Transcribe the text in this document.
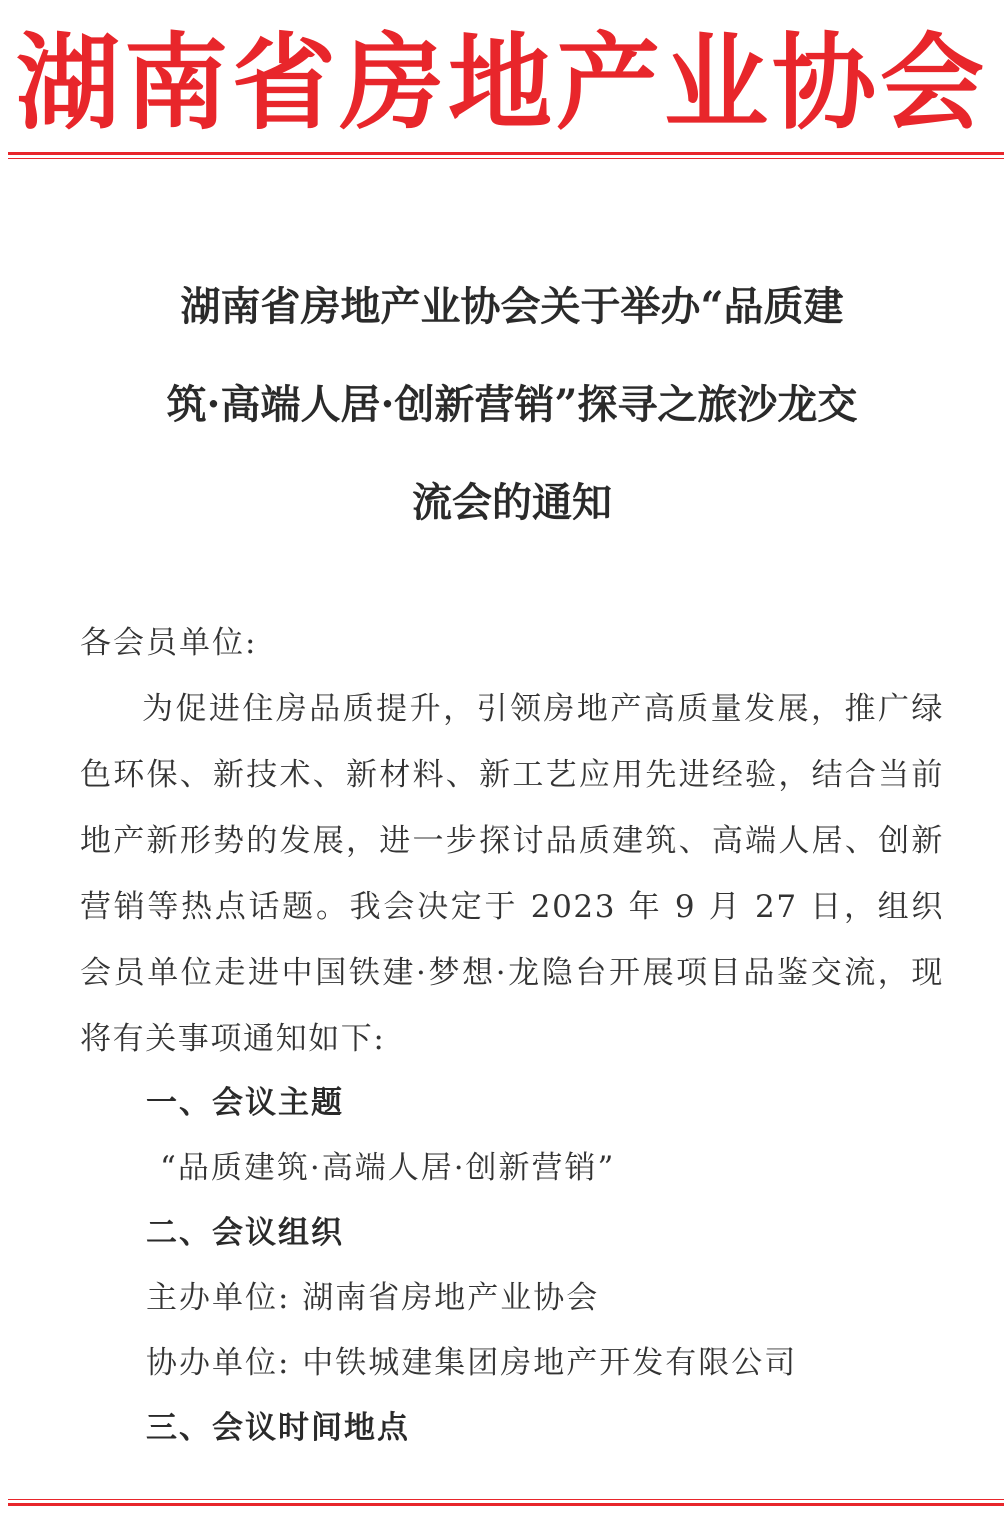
湖南省房地产业协会
湖南省房地产业协会关于举办“品质建
筑·高端人居·创新营销”探寻之旅沙龙交
流会的通知
各会员单位:
为促进住房品质提升，引领房地产高质量发展，推广绿色环保、新技术、新材料、新工艺应用先进经验，结合当前地产新形势的发展，进一步探讨品质建筑、高端人居、创新营销等热点话题。我会决定于 2023 年 9 月 27 日，组织会员单位走进中国铁建·梦想·龙隐台开展项目品鉴交流，现将有关事项通知如下:
一、会议主题
“品质建筑·高端人居·创新营销”
二、会议组织
主办单位: 湖南省房地产业协会
协办单位: 中铁城建集团房地产开发有限公司
三、会议时间地点
